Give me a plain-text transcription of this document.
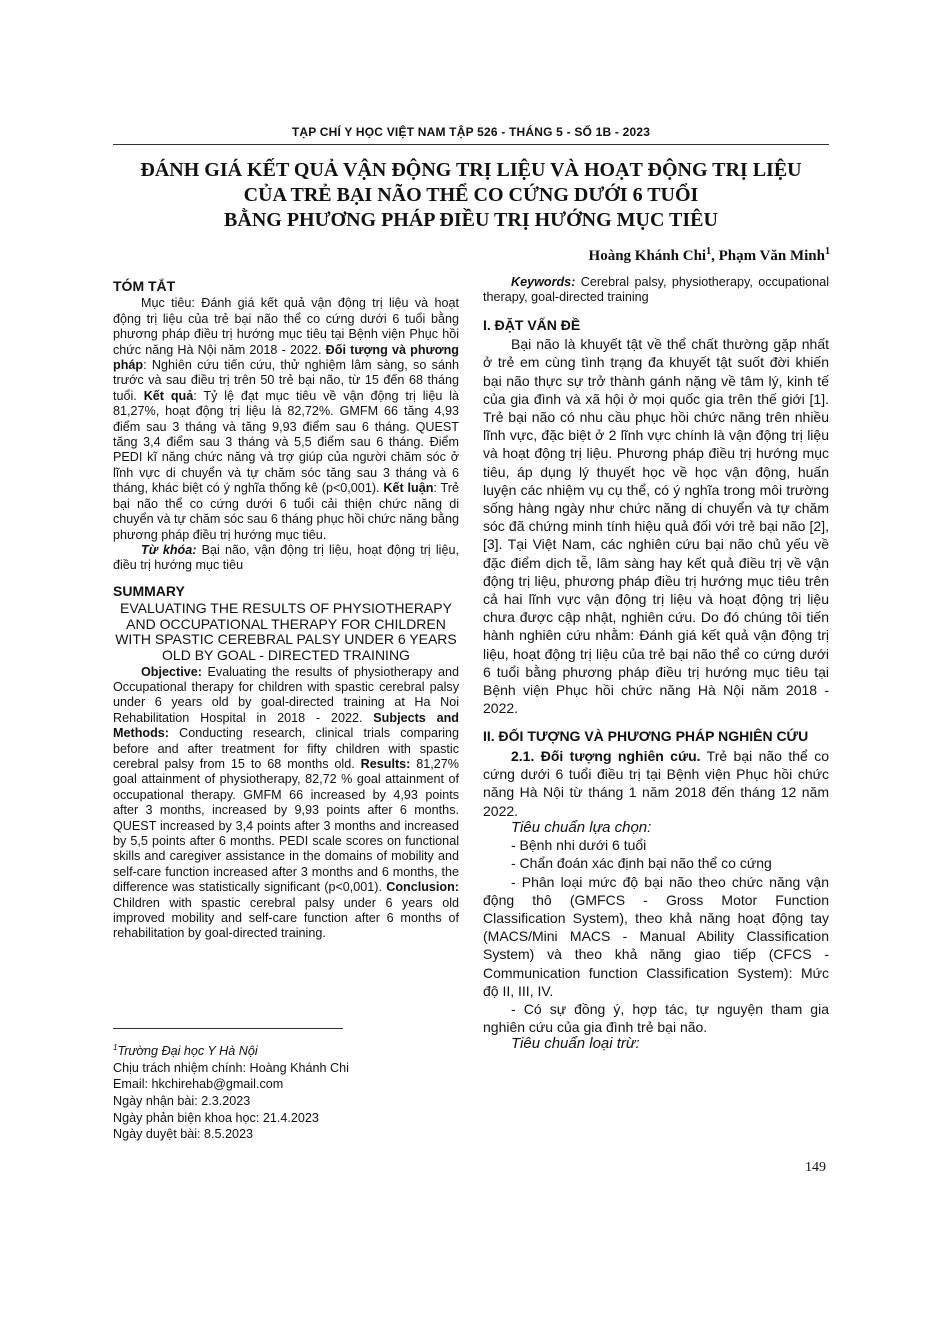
TẠP CHÍ Y HỌC VIỆT NAM TẬP 526 - THÁNG 5 - SỐ 1B - 2023
ĐÁNH GIÁ KẾT QUẢ VẬN ĐỘNG TRỊ LIỆU VÀ HOẠT ĐỘNG TRỊ LIỆU
CỦA TRẺ BẠI NÃO THỂ CO CỨNG DƯỚI 6 TUỔI
BẰNG PHƯƠNG PHÁP ĐIỀU TRỊ HƯỚNG MỤC TIÊU
Hoàng Khánh Chi$^1$, Phạm Văn Minh$^1$
TÓM TẮT

Mục tiêu: Đánh giá kết quả vận động trị liệu và hoạt động trị liệu của trẻ bại não thể co cứng dưới 6 tuổi bằng phương pháp điều trị hướng mục tiêu tại Bệnh viện Phục hồi chức năng Hà Nội năm 2018 - 2022. Đối tượng và phương pháp: Nghiên cứu tiến cứu, thử nghiệm lâm sàng, so sánh trước và sau điều trị trên 50 trẻ bại não, từ 15 đến 68 tháng tuổi. Kết quả: Tỷ lệ đạt mục tiêu về vận động trị liệu là 81,27%, hoạt động trị liệu là 82,72%. GMFM 66 tăng 4,93 điểm sau 3 tháng và tăng 9,93 điểm sau 6 tháng. QUEST tăng 3,4 điểm sau 3 tháng và 5,5 điểm sau 6 tháng. Điểm PEDI kĩ năng chức năng và trợ giúp của người chăm sóc ở lĩnh vực di chuyển và tự chăm sóc tăng sau 3 tháng và 6 tháng, khác biệt có ý nghĩa thống kê (p<0,001). Kết luận: Trẻ bại não thể co cứng dưới 6 tuổi cải thiện chức năng di chuyển và tự chăm sóc sau 6 tháng phục hồi chức năng bằng phương pháp điều trị hướng mục tiêu.

Từ khóa: Bại não, vận động trị liệu, hoạt động trị liệu, điều trị hướng mục tiêu

SUMMARY
EVALUATING THE RESULTS OF PHYSIOTHERAPY AND OCCUPATIONAL THERAPY FOR CHILDREN WITH SPASTIC CEREBRAL PALSY UNDER 6 YEARS OLD BY GOAL - DIRECTED TRAINING

Objective: Evaluating the results of physiotherapy and Occupational therapy for children with spastic cerebral palsy under 6 years old by goal-directed training at Ha Noi Rehabilitation Hospital in 2018 - 2022. Subjects and Methods: Conducting research, clinical trials comparing before and after treatment for fifty children with spastic cerebral palsy from 15 to 68 months old. Results: 81,27% goal attainment of physiotherapy, 82,72 % goal attainment of occupational therapy. GMFM 66 increased by 4,93 points after 3 months, increased by 9,93 points after 6 months. QUEST increased by 3,4 points after 3 months and increased by 5,5 points after 6 months. PEDI scale scores on functional skills and caregiver assistance in the domains of mobility and self-care function increased after 3 months and 6 months, the difference was statistically significant (p<0,001). Conclusion: Children with spastic cerebral palsy under 6 years old improved mobility and self-care function after 6 months of rehabilitation by goal-directed training.

$^1$Trường Đại học Y Hà Nội
Chịu trách nhiệm chính: Hoàng Khánh Chi
Email: hkchirehab@gmail.com
Ngày nhận bài: 2.3.2023
Ngày phản biện khoa học: 21.4.2023
Ngày duyệt bài: 8.5.2023

Keywords: Cerebral palsy, physiotherapy, occupational therapy, goal-directed training

I. ĐẶT VẤN ĐỀ

Bại não là khuyết tật về thể chất thường gặp nhất ở trẻ em cùng tình trạng đa khuyết tật suốt đời khiến bại não thực sự trở thành gánh nặng về tâm lý, kinh tế của gia đình và xã hội ở mọi quốc gia trên thế giới [1]. Trẻ bại não có nhu cầu phục hồi chức năng trên nhiều lĩnh vực, đặc biệt ở 2 lĩnh vực chính là vận động trị liệu và hoạt động trị liệu. Phương pháp điều trị hướng mục tiêu, áp dụng lý thuyết học về học vận động, huấn luyện các nhiệm vụ cụ thể, có ý nghĩa trong môi trường sống hàng ngày như chức năng di chuyển và tự chăm sóc đã chứng minh tính hiệu quả đối với trẻ bại não [2], [3]. Tại Việt Nam, các nghiên cứu bại não chủ yếu về đặc điểm dịch tễ, lâm sàng hay kết quả điều trị về vận động trị liệu, phương pháp điều trị hướng mục tiêu trên cả hai lĩnh vực vận động trị liệu và hoạt động trị liệu chưa được cập nhật, nghiên cứu. Do đó chúng tôi tiến hành nghiên cứu nhằm: Đánh giá kết quả vận động trị liệu, hoạt động trị liệu của trẻ bại não thể co cứng dưới 6 tuổi bằng phương pháp điều trị hướng mục tiêu tại Bệnh viện Phục hồi chức năng Hà Nội năm 2018 - 2022.

II. ĐỐI TƯỢNG VÀ PHƯƠNG PHÁP NGHIÊN CỨU

2.1. Đối tượng nghiên cứu. Trẻ bại não thể co cứng dưới 6 tuổi điều trị tại Bệnh viện Phục hồi chức năng Hà Nội từ tháng 1 năm 2018 đến tháng 12 năm 2022.

Tiêu chuẩn lựa chọn:

- Bệnh nhi dưới 6 tuổi

- Chẩn đoán xác định bại não thể co cứng

- Phân loại mức độ bại não theo chức năng vận động thô (GMFCS - Gross Motor Function Classification System), theo khả năng hoạt động tay (MACS/Mini MACS - Manual Ability Classification System) và theo khả năng giao tiếp (CFCS - Communication function Classification System): Mức độ II, III, IV.

- Có sự đồng ý, hợp tác, tự nguyện tham gia nghiên cứu của gia đình trẻ bại não.

Tiêu chuẩn loại trừ:
149
